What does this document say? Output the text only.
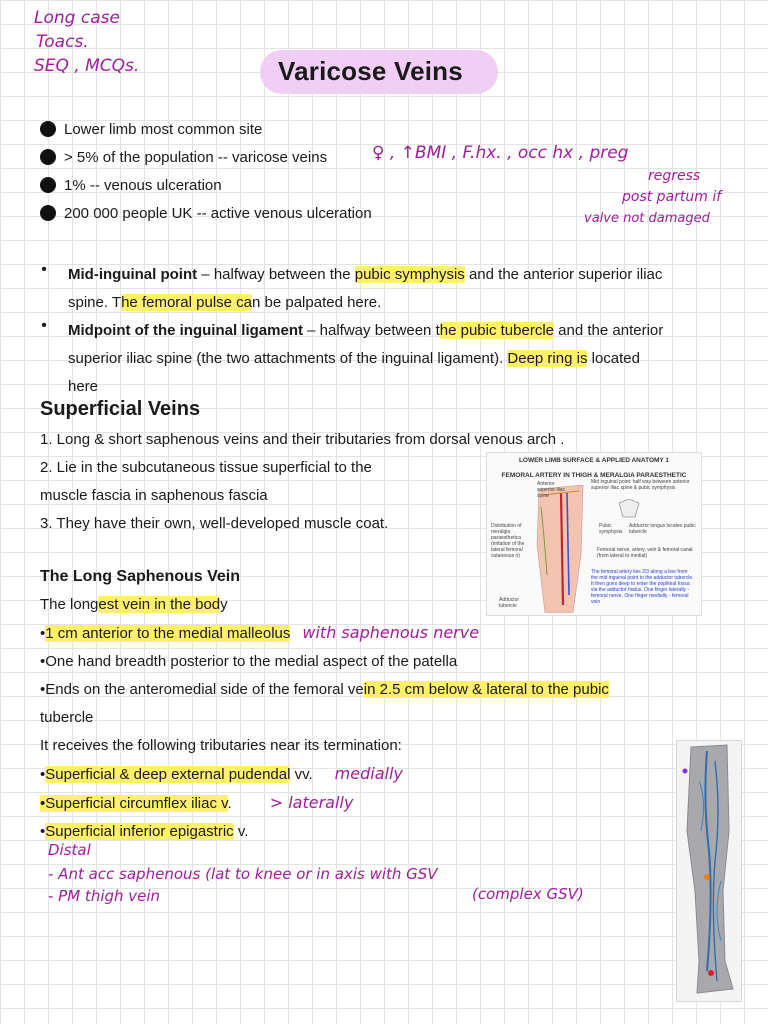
Long case
Toacs.
SEQ , MCQs.	Varicose Veins
Lower limb most common site
> 5% of the population -- varicose veins
1% -- venous ulceration
200 000 people UK -- active venous ulceration
♀ , ↑BMI , F.hx. , occ hx , preg
regress
post partum if
valve not damaged
• Mid-inguinal point – halfway between the pubic symphysis and the anterior superior iliac
spine. The femoral pulse can be palpated here.
• Midpoint of the inguinal ligament – halfway between the pubic tubercle and the anterior
superior iliac spine (the two attachments of the inguinal ligament). Deep ring is located
here
Superficial Veins
1. Long & short saphenous veins and their tributaries from dorsal venous arch .
2. Lie in the subcutaneous tissue superficial to the
muscle fascia in saphenous fascia
3. They have their own, well-developed muscle coat.
LOWER LIMB SURFACE & APPLIED ANATOMY 1
FEMORAL ARTERY IN THIGH & MERALGIA PARAESTHETIC
Anterior superior iliac spine
Mid inguinal point: half way between anterior superior iliac spine & pubic symphysis
Pubic symphysis
Adductor longus locates pubic tubercle
Distribution of meralgia paraesthetica (irritation of the lateral femoral cutaneous n)
Femoral nerve, artery, vein & femoral canal (from lateral to medial)
The femoral artery lies 2/3 along a line from the mid inguinal point to the adductor tubercle. It then goes deep to enter the popliteal fossa via the adductor hiatus. One finger laterally - femoral nerve. One finger medially - femoral vein
Adductor tubercle
The Long Saphenous Vein
The longest vein in the body
•1 cm anterior to the medial malleolus with saphenous nerve
•One hand breadth posterior to the medial aspect of the patella
•Ends on the anteromedial side of the femoral vein 2.5 cm below & lateral to the pubic
tubercle
It receives the following tributaries near its termination:
•Superficial & deep external pudendal vv. medially
•Superficial circumflex iliac v. > laterally
•Superficial inferior epigastric v.
Distal
- Ant acc saphenous (lat to knee or in axis with GSV
(complex GSV)
- PM thigh vein
